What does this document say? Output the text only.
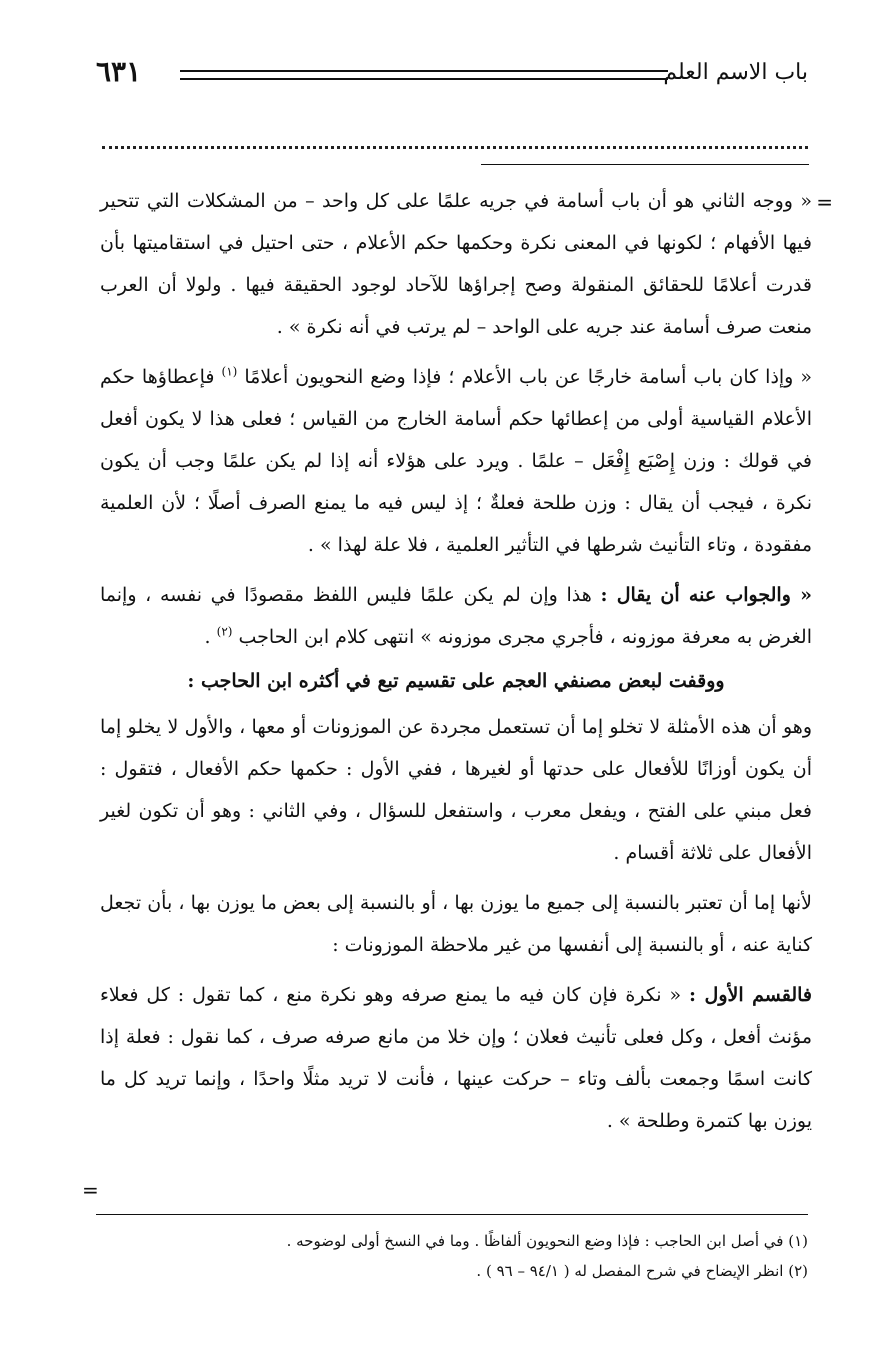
باب الاسم العلم
٦٣١
=

« ووجه الثاني هو أن باب أسامة في جريه علمًا على كل واحد – من المشكلات التي تتحير فيها الأفهام ؛ لكونها في المعنى نكرة وحكمها حكم الأعلام ، حتى احتيل في استقاميتها بأن قدرت أعلامًا للحقائق المنقولة وصح إجراؤها للآحاد لوجود الحقيقة فيها . ولولا أن العرب منعت صرف أسامة عند جريه على الواحد – لم يرتب في أنه نكرة » .

« وإذا كان باب أسامة خارجًا عن باب الأعلام ؛ فإذا وضع النحويون أعلامًا $^{(١)}$ فإعطاؤها حكم الأعلام القياسية أولى من إعطائها حكم أسامة الخارج من القياس ؛ فعلى هذا لا يكون أفعل في قولك : وزن إِصْبَع إِفْعَل – علمًا . ويرد على هؤلاء أنه إذا لم يكن علمًا وجب أن يكون نكرة ، فيجب أن يقال : وزن طلحة فعلةٌ ؛ إذ ليس فيه ما يمنع الصرف أصلًا ؛ لأن العلمية مفقودة ، وتاء التأنيث شرطها في التأثير العلمية ، فلا علة لهذا » .

« والجواب عنه أن يقال : هذا وإن لم يكن علمًا فليس اللفظ مقصودًا في نفسه ، وإنما الغرض به معرفة موزونه ، فأجري مجرى موزونه » انتهى كلام ابن الحاجب $^{(٢)}$ .

ووقفت لبعض مصنفي العجم على تقسيم تبع في أكثره ابن الحاجب :

وهو أن هذه الأمثلة لا تخلو إما أن تستعمل مجردة عن الموزونات أو معها ، والأول لا يخلو إما أن يكون أوزانًا للأفعال على حدتها أو لغيرها ، ففي الأول : حكمها حكم الأفعال ، فتقول : فعل مبني على الفتح ، ويفعل معرب ، واستفعل للسؤال ، وفي الثاني : وهو أن تكون لغير الأفعال على ثلاثة أقسام .

لأنها إما أن تعتبر بالنسبة إلى جميع ما يوزن بها ، أو بالنسبة إلى بعض ما يوزن بها ، بأن تجعل كناية عنه ، أو بالنسبة إلى أنفسها من غير ملاحظة الموزونات :

فالقسم الأول : « نكرة فإن كان فيه ما يمنع صرفه وهو نكرة منع ، كما تقول : كل فعلاء مؤنث أفعل ، وكل فعلى تأنيث فعلان ؛ وإن خلا من مانع صرفه صرف ، كما نقول : فعلة إذا كانت اسمًا وجمعت بألف وتاء – حركت عينها ، فأنت لا تريد مثلًا واحدًا ، وإنما تريد كل ما يوزن بها كتمرة وطلحة » .

=
(١) في أصل ابن الحاجب : فإذا وضع النحويون ألفاظًا . وما في النسخ أولى لوضوحه .
(٢) انظر الإيضاح في شرح المفصل له ( ٩٤/١ – ٩٦ ) .
